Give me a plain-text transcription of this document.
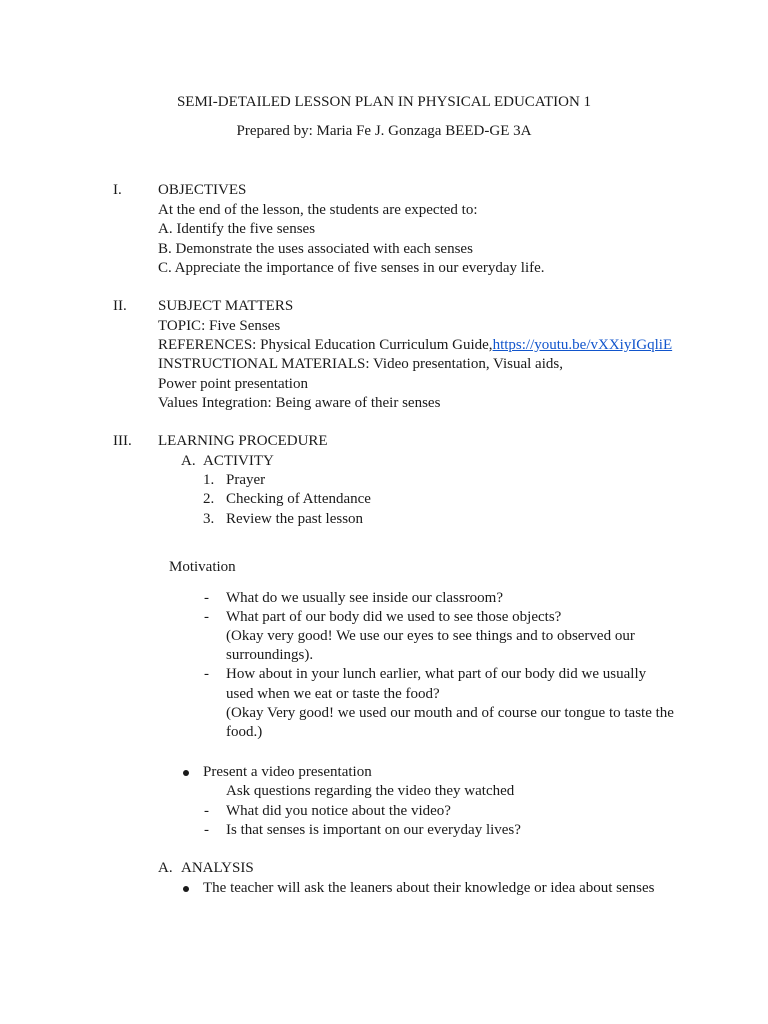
SEMI-DETAILED LESSON PLAN IN PHYSICAL EDUCATION 1
Prepared by: Maria Fe J. Gonzaga BEED-GE 3A
I. OBJECTIVES
At the end of the lesson, the students are expected to:
A. Identify the five senses
B. Demonstrate the uses associated with each senses
C. Appreciate the importance of five senses in our everyday life.
II. SUBJECT MATTERS
TOPIC: Five Senses
REFERENCES: Physical Education Curriculum Guide,https://youtu.be/vXXiyIGqliE
INSTRUCTIONAL MATERIALS: Video presentation, Visual aids,
Power point presentation
Values Integration: Being aware of their senses
III. LEARNING PROCEDURE
A. ACTIVITY
1. Prayer
2. Checking of Attendance
3. Review the past lesson
Motivation
- What do we usually see inside our classroom?
- What part of our body did we used to see those objects?
(Okay very good! We use our eyes to see things and to observed our
surroundings).
- How about in your lunch earlier, what part of our body did we usually
used when we eat or taste the food?
(Okay Very good! we used our mouth and of course our tongue to taste the
food.)
Present a video presentation
Ask questions regarding the video they watched
- What did you notice about the video?
- Is that senses is important on our everyday lives?
A. ANALYSIS
The teacher will ask the leaners about their knowledge or idea about senses
